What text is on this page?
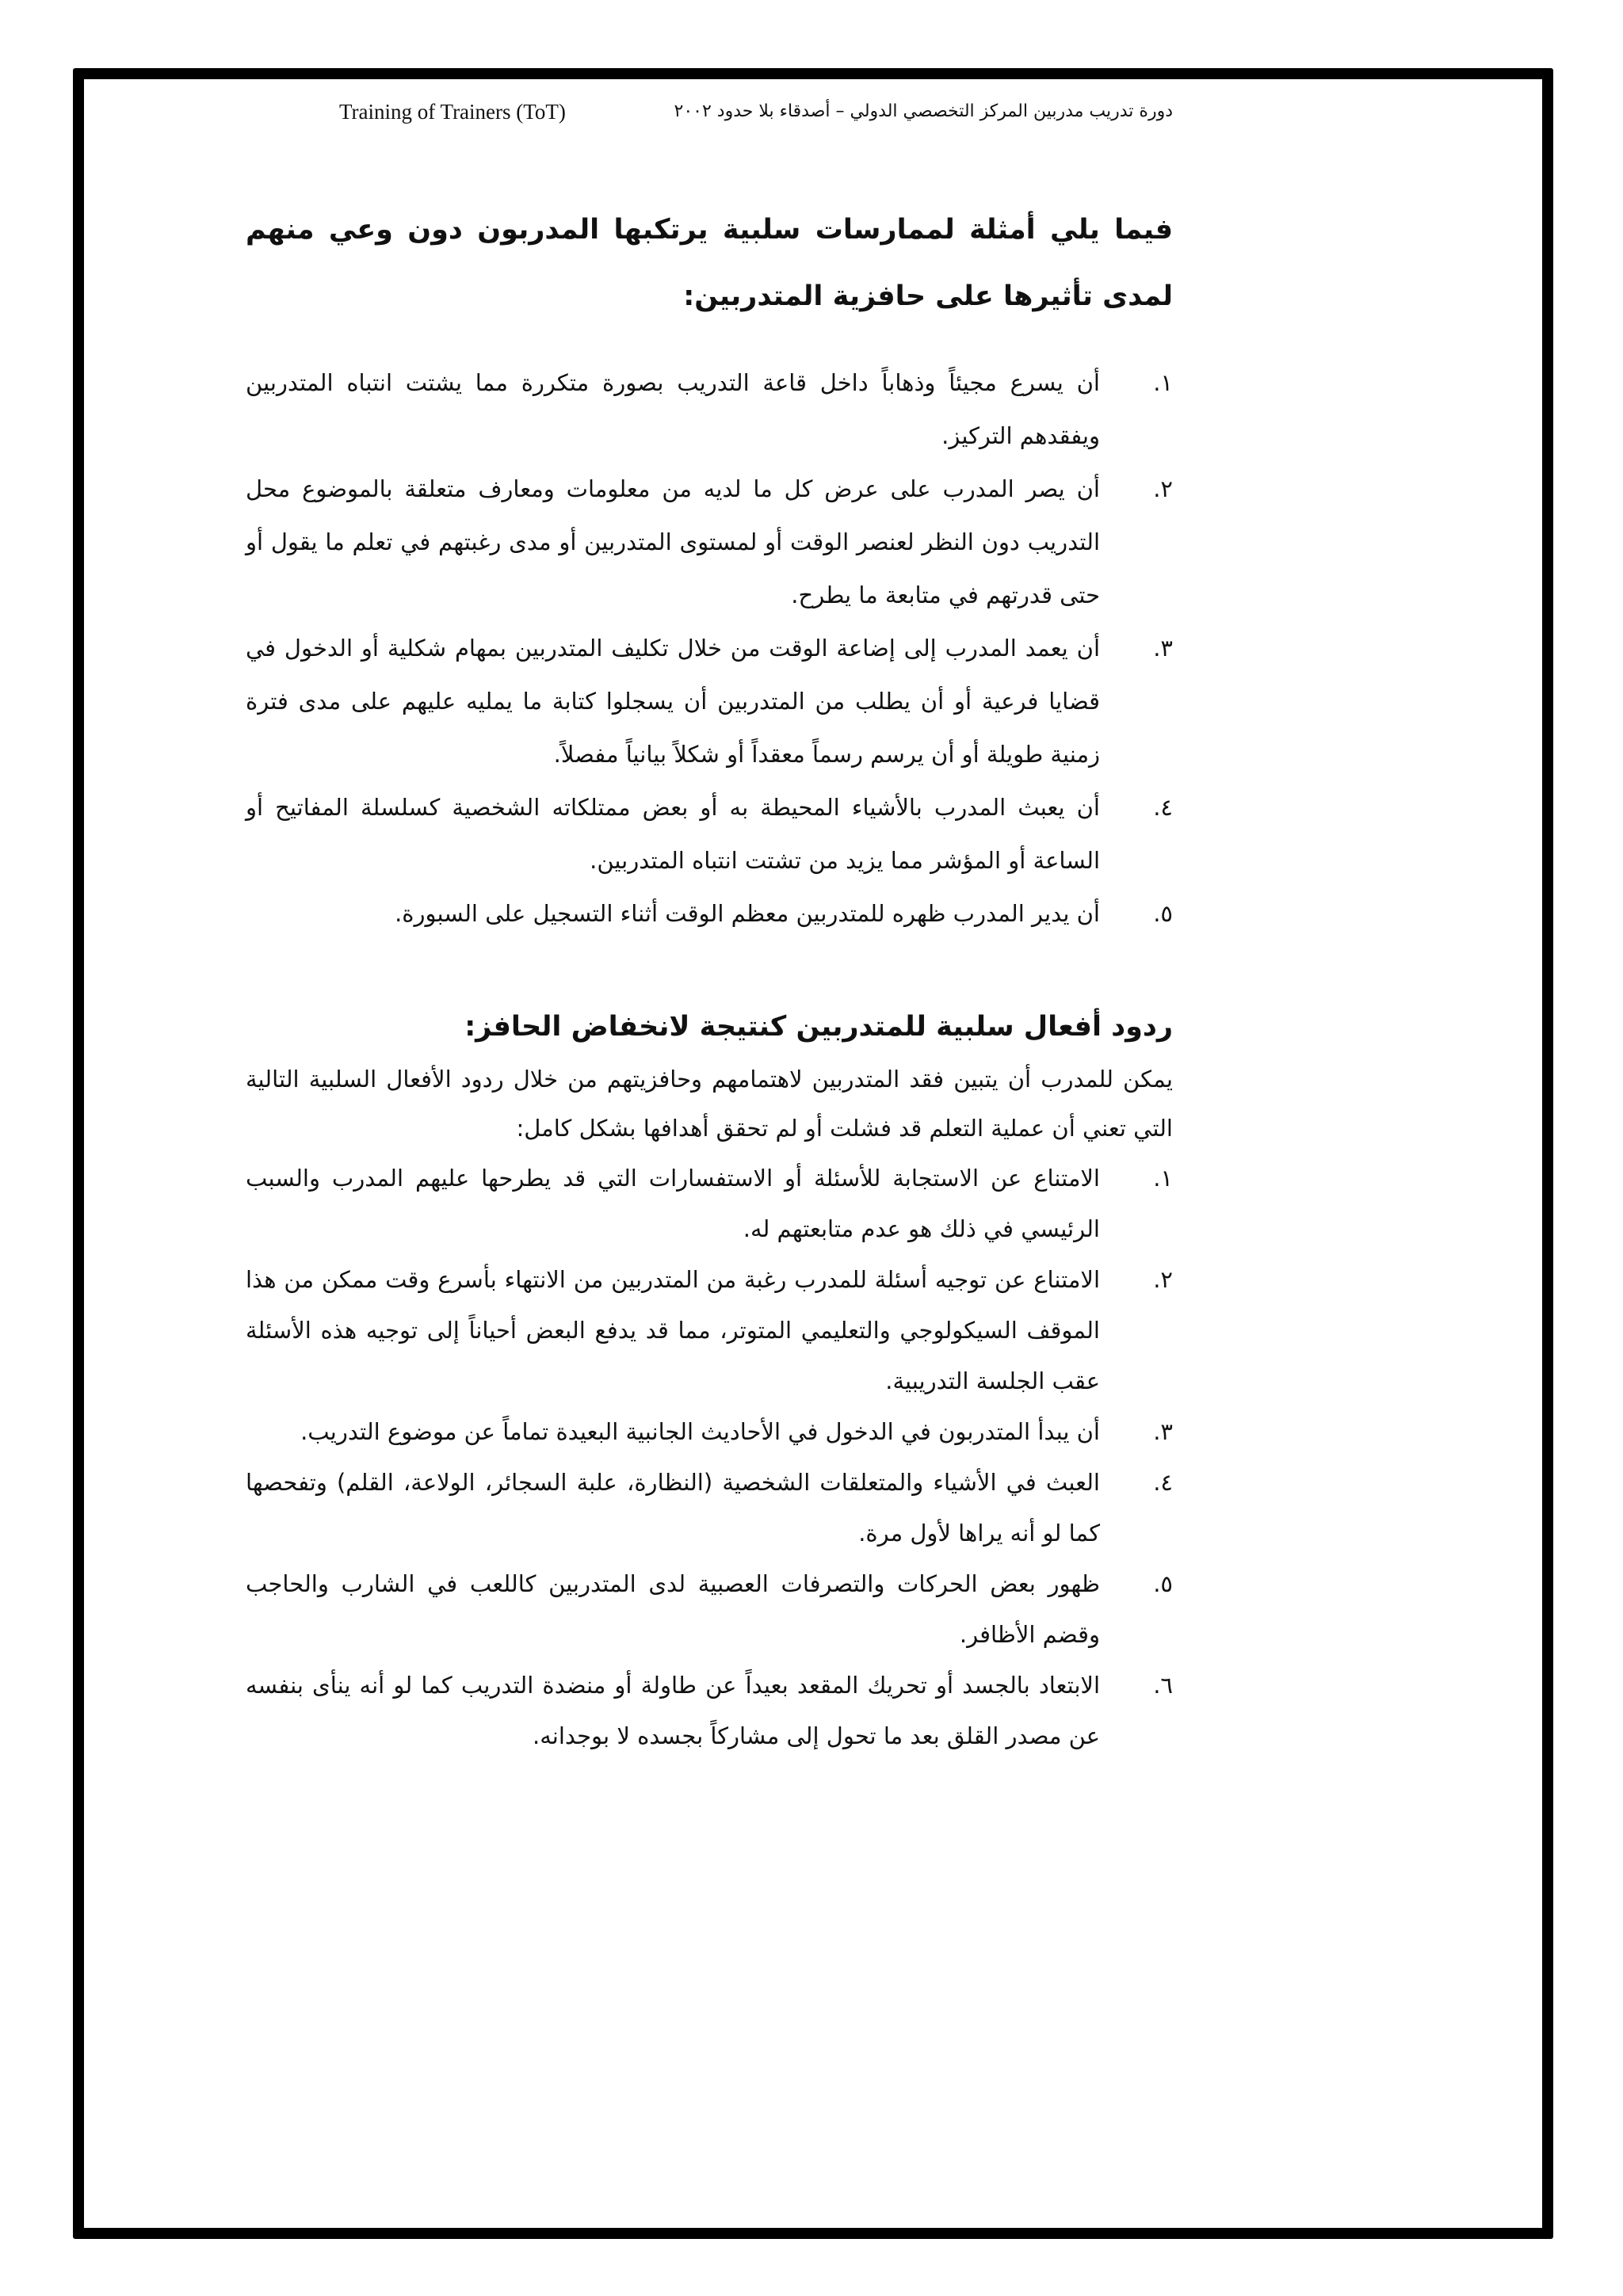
Training of Trainers (ToT)	دورة تدريب مدربين المركز التخصصي الدولي – أصدقاء بلا حدود ٢٠٠٢
فيما يلي أمثلة لممارسات سلبية يرتكبها المدربون دون وعي منهم لمدى تأثيرها على حافزية المتدربين:
١.
أن يسرع مجيئاً وذهاباً داخل قاعة التدريب بصورة متكررة مما يشتت انتباه المتدربين ويفقدهم التركيز.
٢.
أن يصر المدرب على عرض كل ما لديه من معلومات ومعارف متعلقة بالموضوع محل التدريب دون النظر لعنصر الوقت أو لمستوى المتدربين أو مدى رغبتهم في تعلم ما يقول أو حتى قدرتهم في متابعة ما يطرح.
٣.
أن يعمد المدرب إلى إضاعة الوقت من خلال تكليف المتدربين بمهام شكلية أو الدخول في قضايا فرعية أو أن يطلب من المتدربين أن يسجلوا كتابة ما يمليه عليهم على مدى فترة زمنية طويلة أو أن يرسم رسماً معقداً أو شكلاً بيانياً مفصلاً.
٤.
أن يعبث المدرب بالأشياء المحيطة به أو بعض ممتلكاته الشخصية كسلسلة المفاتيح أو الساعة أو المؤشر مما يزيد من تشتت انتباه المتدربين.
٥.
أن يدير المدرب ظهره للمتدربين معظم الوقت أثناء التسجيل على السبورة.
ردود أفعال سلبية للمتدربين كنتيجة لانخفاض الحافز:

يمكن للمدرب أن يتبين فقد المتدربين لاهتمامهم وحافزيتهم من خلال ردود الأفعال السلبية التالية التي تعني أن عملية التعلم قد فشلت أو لم تحقق أهدافها بشكل كامل:

١.
الامتناع عن الاستجابة للأسئلة أو الاستفسارات التي قد يطرحها عليهم المدرب والسبب الرئيسي في ذلك هو عدم متابعتهم له.
٢.
الامتناع عن توجيه أسئلة للمدرب رغبة من المتدربين من الانتهاء بأسرع وقت ممكن من هذا الموقف السيكولوجي والتعليمي المتوتر، مما قد يدفع البعض أحياناً إلى توجيه هذه الأسئلة عقب الجلسة التدريبية.
٣.
أن يبدأ المتدربون في الدخول في الأحاديث الجانبية البعيدة تماماً عن موضوع التدريب.
٤.
العبث في الأشياء والمتعلقات الشخصية (النظارة، علبة السجائر، الولاعة، القلم) وتفحصها كما لو أنه يراها لأول مرة.
٥.
ظهور بعض الحركات والتصرفات العصبية لدى المتدربين كاللعب في الشارب والحاجب وقضم الأظافر.
٦.
الابتعاد بالجسد أو تحريك المقعد بعيداً عن طاولة أو منضدة التدريب كما لو أنه ينأى بنفسه عن مصدر القلق بعد ما تحول إلى مشاركاً بجسده لا بوجدانه.
